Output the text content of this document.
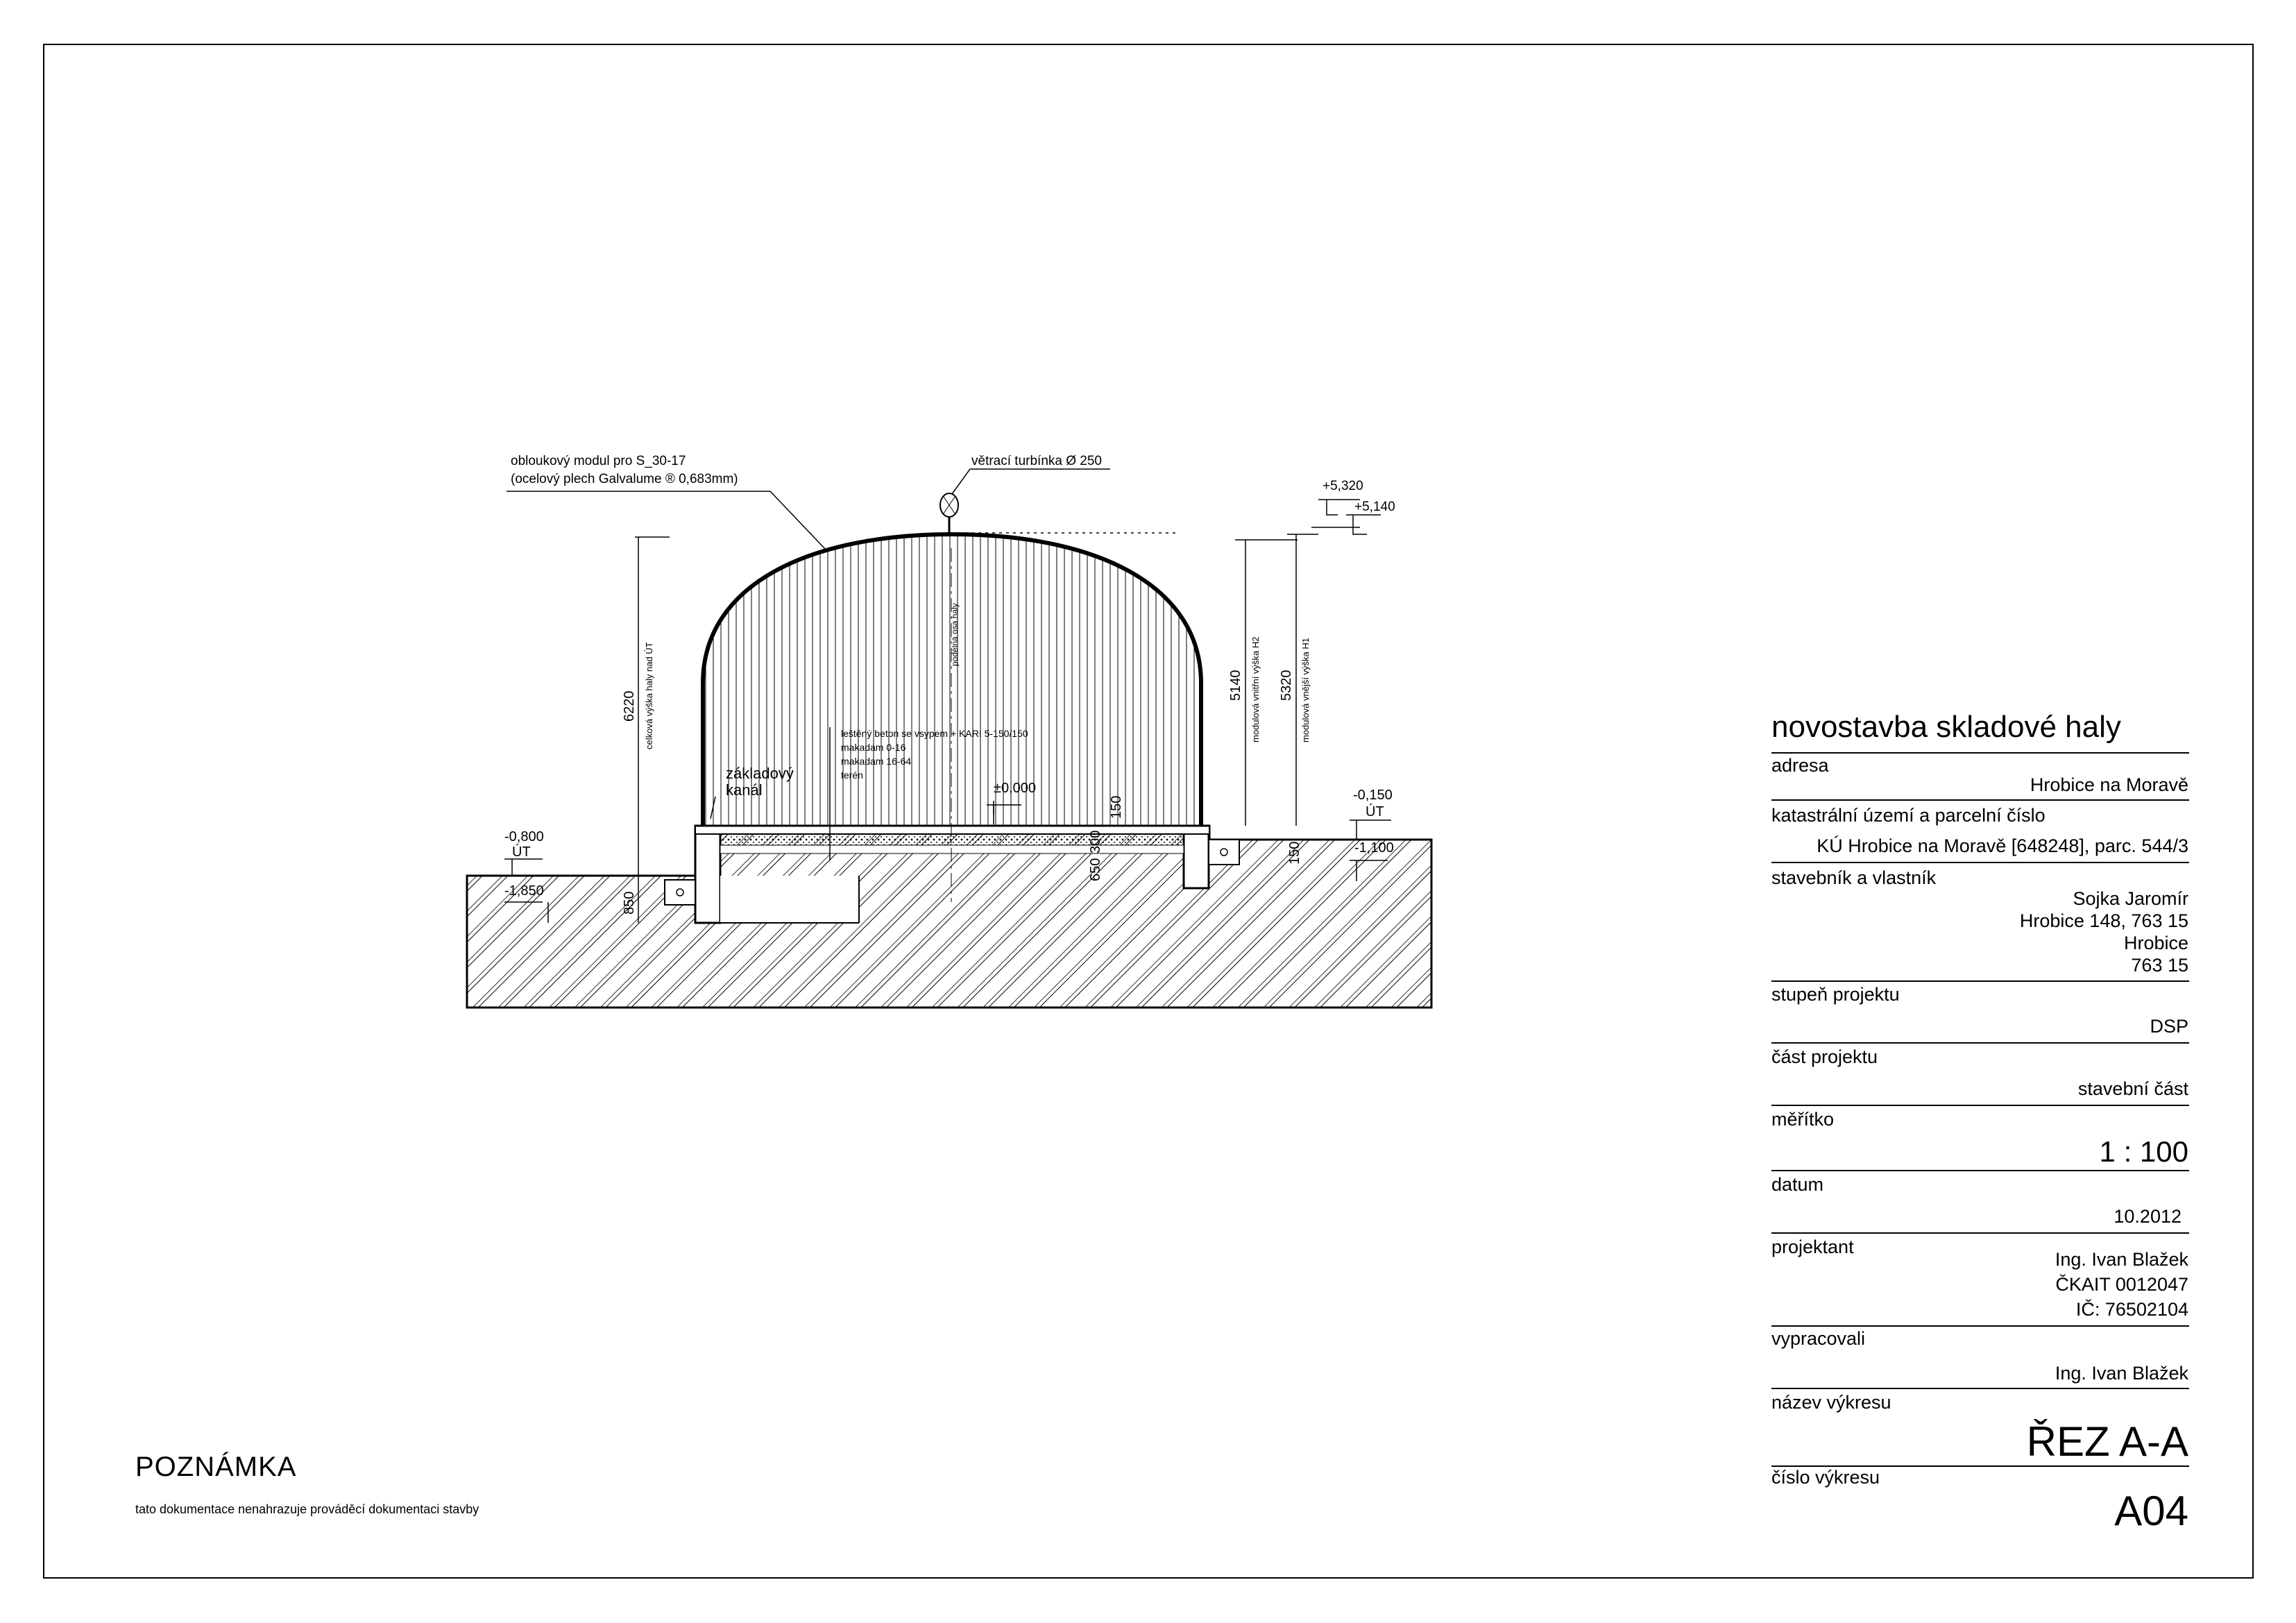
obloukový modul pro S_30-17
(ocelový plech Galvalume ® 0,683mm)
větrací turbínka Ø 250
+5,320
+5,140
6220 celková výška haly nad ÚT
podélná osa haly
5140 modulová vnitřní výška H2 5320 modulová vnější výška H1
leštěný beton se vsypem + KARI 5-150/150
makadam 0-16
makadam 16-64
terén
základový
kanál	±0,000	-0,150
ÚT
-1,100
-0,800
ÚT
-1,850
850
150
300
650
150
novostavba skladové haly
adresa
Hrobice na Moravě
katastrální území a parcelní číslo
KÚ Hrobice na Moravě [648248], parc. 544/3
stavebník a vlastník
Sojka Jaromír
Hrobice 148, 763 15
Hrobice
763 15
stupeň projektu
DSP
část projektu
stavební část
měřítko
1 : 100
datum
10.2012
projektant
Ing. Ivan Blažek
ČKAIT 0012047
IČ: 76502104
vypracovali
Ing. Ivan Blažek
název výkresu
ŘEZ A-A
číslo výkresu
A04
POZNÁMKA
tato dokumentace nenahrazuje prováděcí dokumentaci stavby
